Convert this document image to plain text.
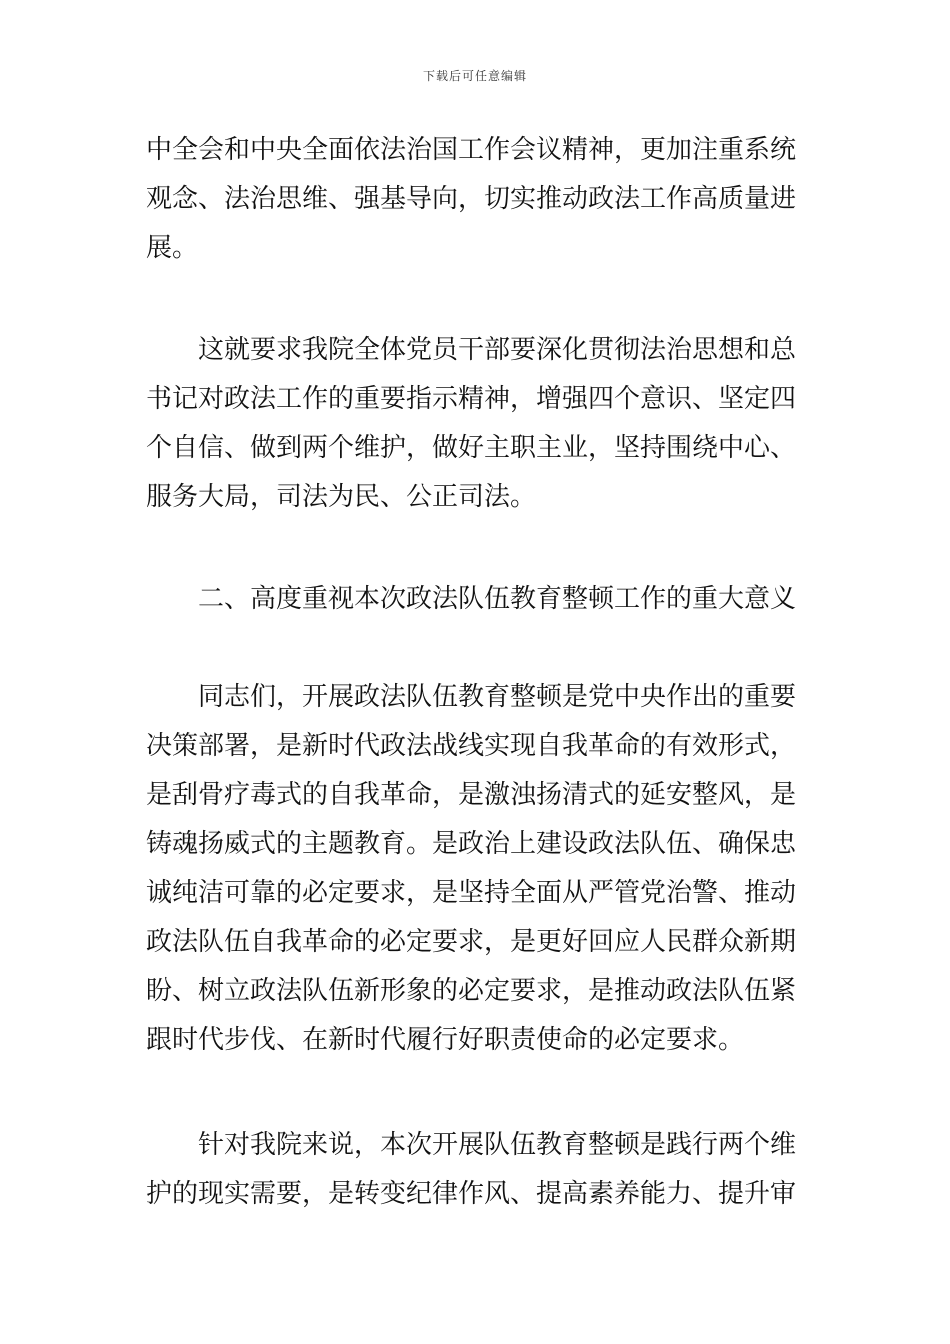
下载后可任意编辑
中全会和中央全面依法治国工作会议精神，更加注重系统
观念、法治思维、强基导向，切实推动政法工作高质量进
展。
这就要求我院全体党员干部要深化贯彻法治思想和总
书记对政法工作的重要指示精神，增强四个意识、坚定四
个自信、做到两个维护，做好主职主业，坚持围绕中心、
服务大局，司法为民、公正司法。
二、高度重视本次政法队伍教育整顿工作的重大意义
同志们，开展政法队伍教育整顿是党中央作出的重要
决策部署，是新时代政法战线实现自我革命的有效形式，
是刮骨疗毒式的自我革命，是激浊扬清式的延安整风，是
铸魂扬威式的主题教育。是政治上建设政法队伍、确保忠
诚纯洁可靠的必定要求，是坚持全面从严管党治警、推动
政法队伍自我革命的必定要求，是更好回应人民群众新期
盼、树立政法队伍新形象的必定要求，是推动政法队伍紧
跟时代步伐、在新时代履行好职责使命的必定要求。
针对我院来说，本次开展队伍教育整顿是践行两个维
护的现实需要，是转变纪律作风、提高素养能力、提升审
